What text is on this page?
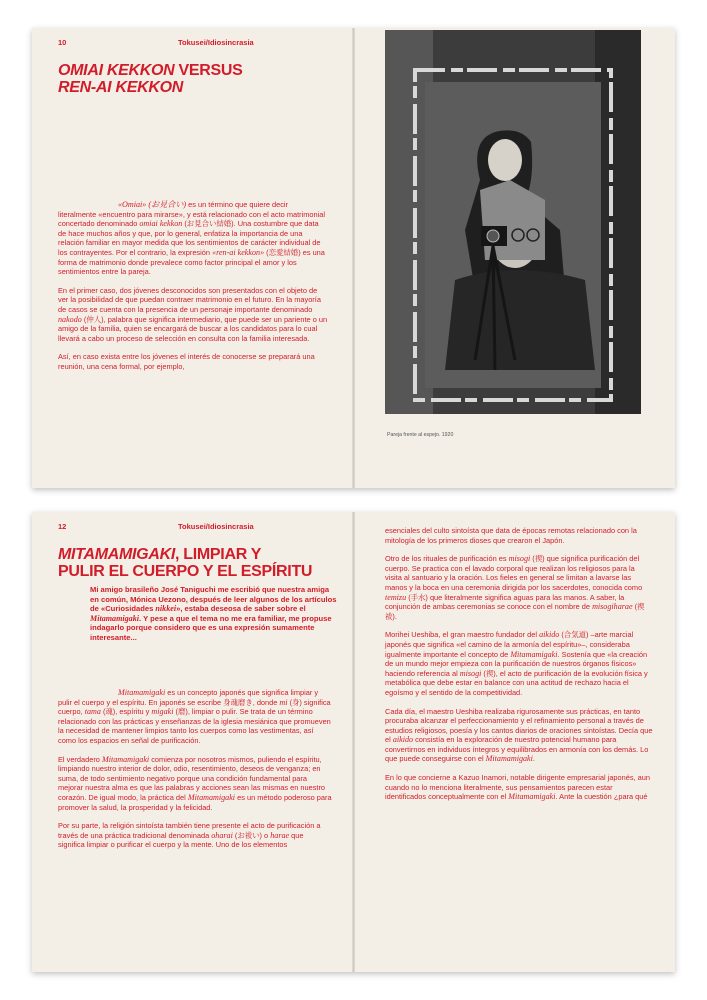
10	Tokusei/Idiosincrasia
OMIAI KEKKON VERSUS
REN-AI KEKKON

«Omiai» (お見合い) es un término que quiere decir literalmente «encuentro para mirarse», y está relacionado con el acto matrimonial concertado denominado omiai kekkon (お見合い結婚). Una costumbre que data de hace muchos años y que, por lo general, enfatiza la importancia de una relación familiar en mayor medida que los sentimientos de carácter individual de los contrayentes. Por el contrario, la expresión «ren-ai kekkon» (恋愛結婚) es una forma de matrimonio donde prevalece como factor principal el amor y los sentimientos entre la pareja.

En el primer caso, dos jóvenes desconocidos son presentados con el objeto de ver la posibilidad de que puedan contraer matrimonio en el futuro. En la mayoría de casos se cuenta con la presencia de un personaje importante denominado nakodo (仲人), palabra que significa intermediario, que puede ser un pariente o un amigo de la familia, quien se encargará de buscar a los candidatos para lo cual llevará a cabo un proceso de selección en consulta con la familia interesada.

Así, en caso exista entre los jóvenes el interés de conocerse se preparará una reunión, una cena formal, por ejemplo,

Pareja frente al espejo. 1920
12	Tokusei/Idiosincrasia
MITAMAMIGAKI, LIMPIAR Y
PULIR EL CUERPO Y EL ESPÍRITU
Mi amigo brasileño José Taniguchi me escribió que nuestra amiga en común, Mónica Uezono, después de leer algunos de los artículos de «Curiosidades nikkei», estaba deseosa de saber sobre el Mitamamigaki. Y pese a que el tema no me era familiar, me propuse indagarlo porque considero que es una expresión sumamente interesante...

Mitamamigaki es un concepto japonés que significa limpiar y pulir el cuerpo y el espíritu. En japonés se escribe 身魂磨き, donde mi (身) significa cuerpo, tama (魂), espíritu y migaki (磨), limpiar o pulir. Se trata de un término relacionado con las prácticas y enseñanzas de la iglesia mesiánica que promueven la necesidad de mantener limpios tanto los cuerpos como las vestimentas, así como los espacios en señal de purificación.

El verdadero Mitamamigaki comienza por nosotros mismos, puliendo el espíritu, limpiando nuestro interior de dolor, odio, resentimiento, deseos de venganza; en suma, de todo sentimiento negativo porque una condición fundamental para mejorar nuestra alma es que las palabras y acciones sean las mismas en nuestro corazón. De igual modo, la práctica del Mitamamigaki es un método poderoso para promover la salud, la prosperidad y la felicidad.

Por su parte, la religión sintoísta también tiene presente el acto de purificación a través de una práctica tradicional denominada oharai (お祓い) o harae que significa limpiar o purificar el cuerpo y la mente. Uno de los elementos

esenciales del culto sintoísta que data de épocas remotas relacionado con la mitología de los primeros dioses que crearon el Japón.

Otro de los rituales de purificación es misogi (禊) que significa purificación del cuerpo. Se practica con el lavado corporal que realizan los religiosos para la visita al santuario y la oración. Los fieles en general se limitan a lavarse las manos y la boca en una ceremonia dirigida por los sacerdotes, conocida como temizu (手水) que literalmente significa aguas para las manos. A saber, la conjunción de ambas ceremonias se conoce con el nombre de misogiharae (禊祓).

Morihei Ueshiba, el gran maestro fundador del aikido (合気道) –arte marcial japonés que significa «el camino de la armonía del espíritu»–, consideraba igualmente importante el concepto de Mitamamigaki. Sostenía que «la creación de un mundo mejor empieza con la purificación de nuestros órganos físicos» haciendo referencia al misogi (禊), el acto de purificación de la evolución física y metabólica que debe estar en balance con una actitud de rechazo hacia el egoísmo y el sentido de la competitividad.

Cada día, el maestro Ueshiba realizaba rigurosamente sus prácticas, en tanto procuraba alcanzar el perfeccionamiento y el refinamiento personal a través de estudios religiosos, poesía y los cantos diarios de oraciones sintoístas. Decía que el aikido consistía en la exploración de nuestro potencial humano para convertirnos en individuos íntegros y equilibrados en armonía con los demás. Lo que puede conseguirse con el Mitamamigaki.

En lo que concierne a Kazuo Inamori, notable dirigente empresarial japonés, aun cuando no lo menciona literalmente, sus pensamientos parecen estar identificados conceptualmente con el Mitamamigaki. Ante la cuestión ¿para qué
